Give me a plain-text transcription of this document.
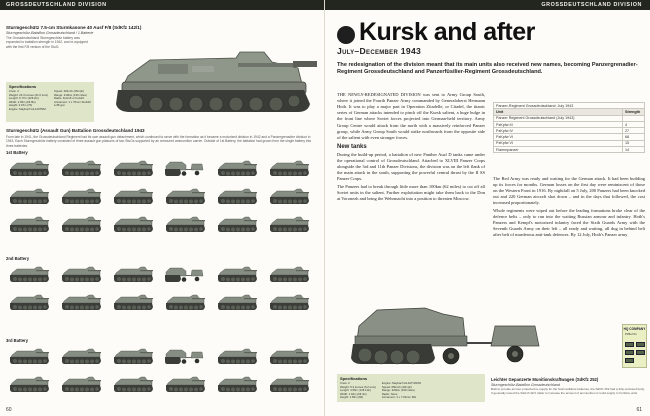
GROSSDEUTSCHLAND DIVISION
Sturmgeschütz 7.5-cm Sturmkanone 40 Ausf F/8 (SdKfz 142/1)
Sturmgeschütz-Bataillon Grossdeutschland / 1.Batterie
The Grossdeutschland Sturmgeschütz battery was expanded to battalion strength in 1942, and re-equipped with the first F/8 version of the StuG.
Specifications
Crew: 4
Weight: 23.3 tonnes (21.6 tons)
Length: 6.77m (22ft 2in)
Width: 2.95m (9ft 8in)
Height: 2.15m (7ft)
Engine: Maybach HL120TRM
Speed: 40km/h (25mph)
Range: 210km (130 miles)
Radio: FuG15 or FuG16
Armament: 1 x 75mm StuK40
L/48 gun
Sturmgeschütz (Assault Gun) Battalion Grossdeutschland 1943
From late in 1941, the Grossdeutschland Regiment had its own assault gun detachment, which continued to serve with the formation as it became a motorized division in 1942 and a Panzergrenadier division in 1943. Each Sturmgeschütz battery consisted of three assault gun platoons of two StuGs supported by an armoured ammunition carrier. Outside of 1st Battery, the battalion had grown from the single battery into three batteries.
1st Battery
2nd Battery
3rd Battery
60
GROSSDEUTSCHLAND DIVISION
Kursk and after
July–December 1943
The redesignation of the division meant that its main units also received new names, becoming Panzergrenadier-Regiment Grossdeutschland and Panzerfüsilier-Regiment Grossdeutschland.

THE NEWLY-REDESIGNATED DIVISION was sent to Army Group South, where it joined the Fourth Panzer Army commanded by Generaloberst Hermann Hoth. It was to play a major part in Operation Zitadelle, or Citadel, the titanic series of German attacks intended to pinch off the Kursk salient, a huge bulge in the front line where Soviet forces projected into German-held territory. Army Group Centre would attack from the north with a massively reinforced Panzer group, while Army Group South would strike northwards from the opposite side of the salient with even stronger forces.

New tanks

During the build-up period, a battalion of new Panther Ausf D tanks came under the operational control of Grossdeutschland. Attached to XLVIII Panzer Corps alongside the 3rd and 11th Panzer Divisions, the division was on the left flank of the main attack in the south, supporting the powerful central thrust by the II SS Panzer Corps.

The Panzers had to break through little more than 100km (62 miles) to cut off all Soviet units in the salient. Further exploitation might take them back to the Don at Voronezh and bring the Wehrmacht into a position to threaten Moscow.

Panzer-Regiment Grossdeutschland: July 1943	
Unit	Strength
Panzer Regiment Grossdeutschland (July 1943)	
PzKpfw III	4
PzKpfw IV	27
PzKpfw VI	68
PzKpfw VI	15
Flammpanzer	14

The Red Army was ready and waiting for the German attack. It had been building up its forces for months. German losses on the first day were reminiscent of those on the Western Front in 1916. By nightfall on 5 July, 200 Panzers had been knocked out and 220 German aircraft shot down – and in the days that followed, the cost increased proportionately.

Whole regiments were wiped out before the leading formations broke clear of the defence belts – only to run into the waiting Russian armour and infantry. Hoth's Panzers and Kempf's motorized infantry faced the Sixth Guards Army with the Seventh Guards Army on their left – all ready and waiting, all dug in behind belt after belt of murderous anti-tank defences. By 12 July, Hoth's Panzer army

HQ COMPANY
PzBef 01
Specifications
Crew: 2
Weight: 5.3 tonnes (5.2 tons)
Length: 4.56m (14ft 11in)
Width: 1.94m (6ft 4in)
Height: 1.83m (6ft)
Engine: Maybach HL42TUKRM
Speed: 65km/h (40mph)
Range: 320km (199 miles)
Radio: None
Armament: 1 x 7.92mm MG
Leichter Gepanzerte Munitionskraftwagen (SdKfz 252)
Sturmgeschütz-Bataillon Grossdeutschland
Built to provide armour-protected re-supply for the Sturmartillerie batteries, the SdKfz 252 had a fully enclosed body. It generally towed the SdAnh 32/1 trailer to increase the amount of ammunition it could supply in frontline units.
61
